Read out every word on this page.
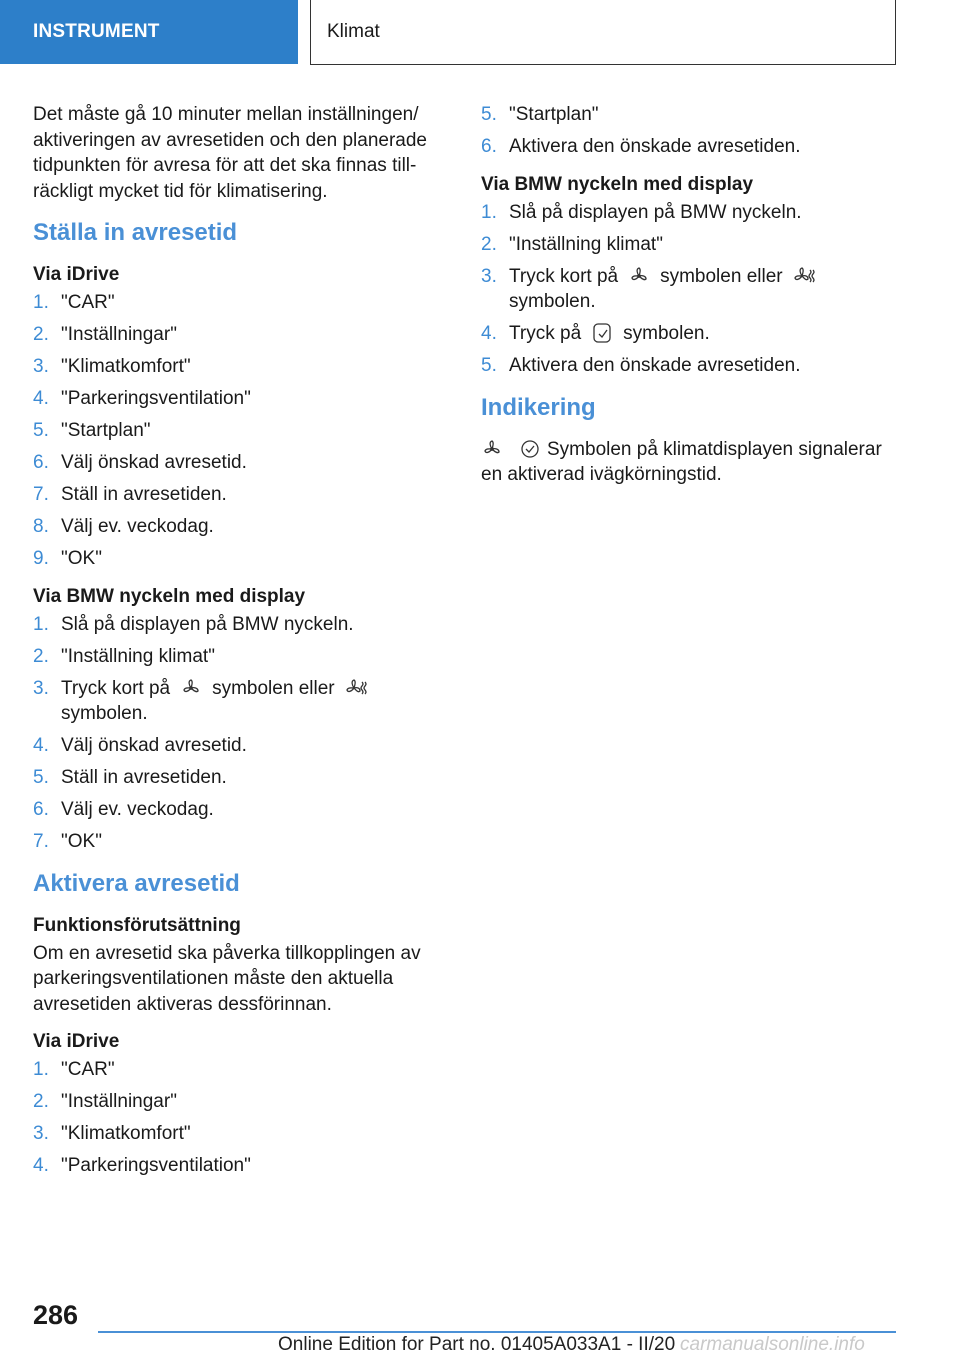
INSTRUMENT	Klimat

Det måste gå 10 minuter mellan inställningen/ aktiveringen av avresetiden och den planerade tidpunkten för avresa för att det ska finnas tillräckligt mycket tid för klimatisering.

Ställa in avresetid
Via iDrive
1. "CAR"
2. "Inställningar"
3. "Klimatkomfort"
4. "Parkeringsventilation"
5. "Startplan"
6. Välj önskad avresetid.
7. Ställ in avresetiden.
8. Välj ev. veckodag.
9. "OK"
Via BMW nyckeln med display
1. Slå på displayen på BMW nyckeln.
2. "Inställning klimat"
3. Tryck kort på symbolen eller
symbolen.
4. Välj önskad avresetid.
5. Ställ in avresetiden.
6. Välj ev. veckodag.
7. "OK"
Aktivera avresetid
Funktionsförutsättning

Om en avresetid ska påverka tillkopplingen av parkeringsventilationen måste den aktuella avresetiden aktiveras dessförinnan.

Via iDrive
1. "CAR"
2. "Inställningar"
3. "Klimatkomfort"
4. "Parkeringsventilation"
5. "Startplan"
6. Aktivera den önskade avresetiden.
Via BMW nyckeln med display
1. Slå på displayen på BMW nyckeln.
2. "Inställning klimat"
3. Tryck kort på symbolen eller
symbolen.
4. Tryck på symbolen.
5. Aktivera den önskade avresetiden.
Indikering

Symbolen på klimatdisplayen signalerar en aktiverad ivägkörningstid.

286
Online Edition for Part no. 01405A033A1 - II/20 carmanualsonline.info
